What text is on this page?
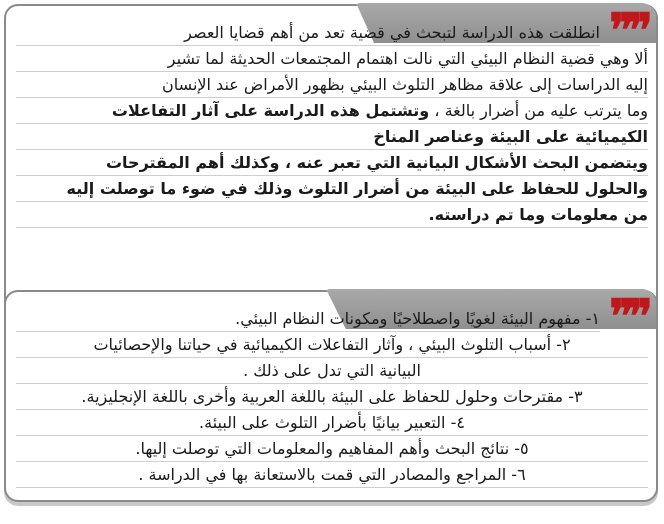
❞❞
انطلقت هذه الدراسة لتبحث في قضية تعد من أهم قضايا العصر
ألا وهي قضية النظام البيئي التي نالت اهتمام المجتمعات الحديثة لما تشير
إليه الدراسات إلى علاقة مظاهر التلوث البيئي بظهور الأمراض عند الإنسان
وما يترتب عليه من أضرار بالغة ، وتشتمل هذه الدراسة على آثار التفاعلات
الكيميائية على البيئة وعناصر المناخ
ويتضمن البحث الأشكال البيانية التي تعبر عنه ، وكذلك أهم المقترحات
والحلول للحفاظ على البيئة من أضرار التلوث وذلك في ضوء ما توصلت إليه
من معلومات وما تم دراسته.
❞❞
١- مفهوم البيئة لغويًا واصطلاحيًا ومكونات النظام البيئي.
٢- أسباب التلوث البيئي ، وآثار التفاعلات الكيميائية في حياتنا والإحصائيات
البيانية التي تدل على ذلك .
٣- مقترحات وحلول للحفاظ على البيئة باللغة العربية وأخرى باللغة الإنجليزية.
٤- التعبير بيانيًا بأضرار التلوث على البيئة.
٥- نتائج البحث وأهم المفاهيم والمعلومات التي توصلت إليها.
٦- المراجع والمصادر التي قمت بالاستعانة بها في الدراسة .
